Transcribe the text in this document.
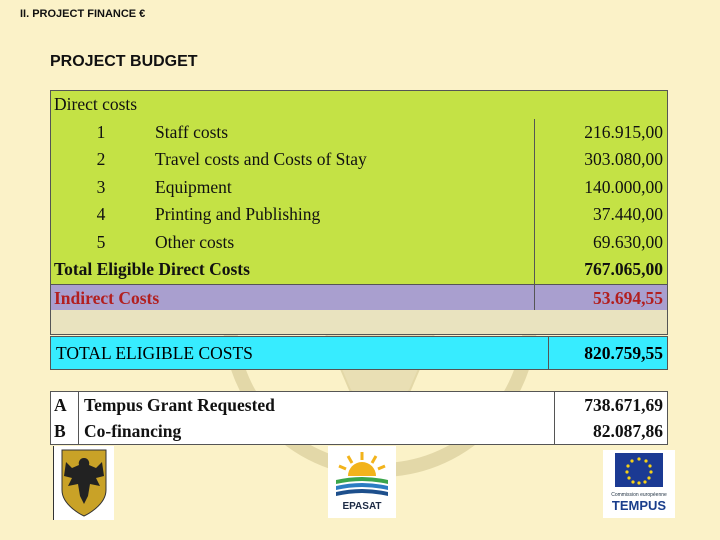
II. PROJECT FINANCE €
PROJECT BUDGET
Direct costs
1	Staff costs	216.915,00
2	Travel costs and Costs of Stay	303.080,00
3	Equipment	140.000,00
4	Printing and Publishing	37.440,00
5	Other costs	69.630,00
Total Eligible Direct Costs	767.065,00
Indirect Costs	53.694,55
TOTAL ELIGIBLE COSTS	820.759,55
A Tempus Grant Requested	738.671,69
B Co-financing	82.087,86
EPASAT
Commission européenne
TEMPUS
